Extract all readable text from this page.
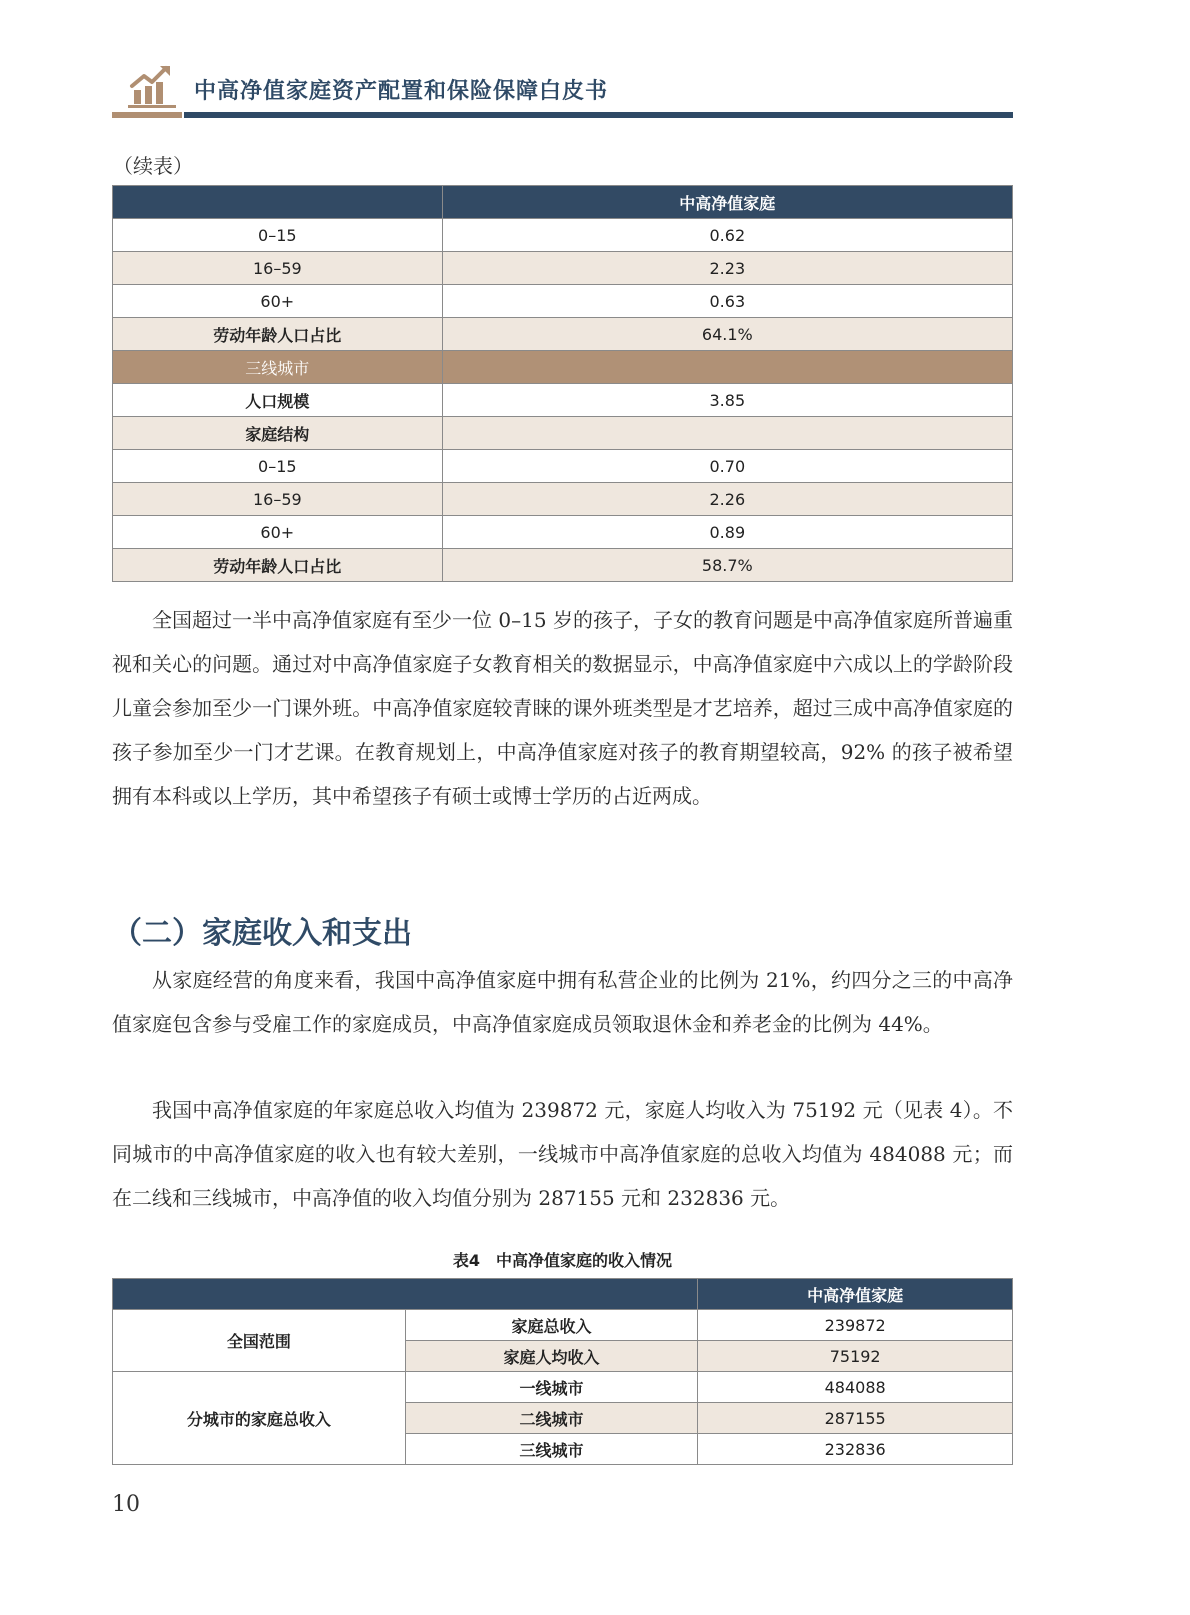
中高净值家庭资产配置和保险保障白皮书
（续表）
	中高净值家庭
0–15	0.62
16–59	2.23
60+	0.63
劳动年龄人口占比	64.1%
三线城市	
人口规模	3.85
家庭结构	
0–15	0.70
16–59	2.26
60+	0.89
劳动年龄人口占比	58.7%

全国超过一半中高净值家庭有至少一位 0–15 岁的孩子，子女的教育问题是中高净值家庭所普遍重视和关心的问题。通过对中高净值家庭子女教育相关的数据显示，中高净值家庭中六成以上的学龄阶段儿童会参加至少一门课外班。中高净值家庭较青睐的课外班类型是才艺培养，超过三成中高净值家庭的孩子参加至少一门才艺课。在教育规划上，中高净值家庭对孩子的教育期望较高，92% 的孩子被希望拥有本科或以上学历，其中希望孩子有硕士或博士学历的占近两成。

（二）家庭收入和支出

从家庭经营的角度来看，我国中高净值家庭中拥有私营企业的比例为 21%，约四分之三的中高净值家庭包含参与受雇工作的家庭成员，中高净值家庭成员领取退休金和养老金的比例为 44%。

我国中高净值家庭的年家庭总收入均值为 239872 元，家庭人均收入为 75192 元（见表 4）。不同城市的中高净值家庭的收入也有较大差别，一线城市中高净值家庭的总收入均值为 484088 元；而在二线和三线城市，中高净值的收入均值分别为 287155 元和 232836 元。

表4　中高净值家庭的收入情况
		中高净值家庭
全国范围	家庭总收入	239872
	家庭人均收入	75192
分城市的家庭总收入	一线城市	484088
	二线城市	287155
	三线城市	232836
10
